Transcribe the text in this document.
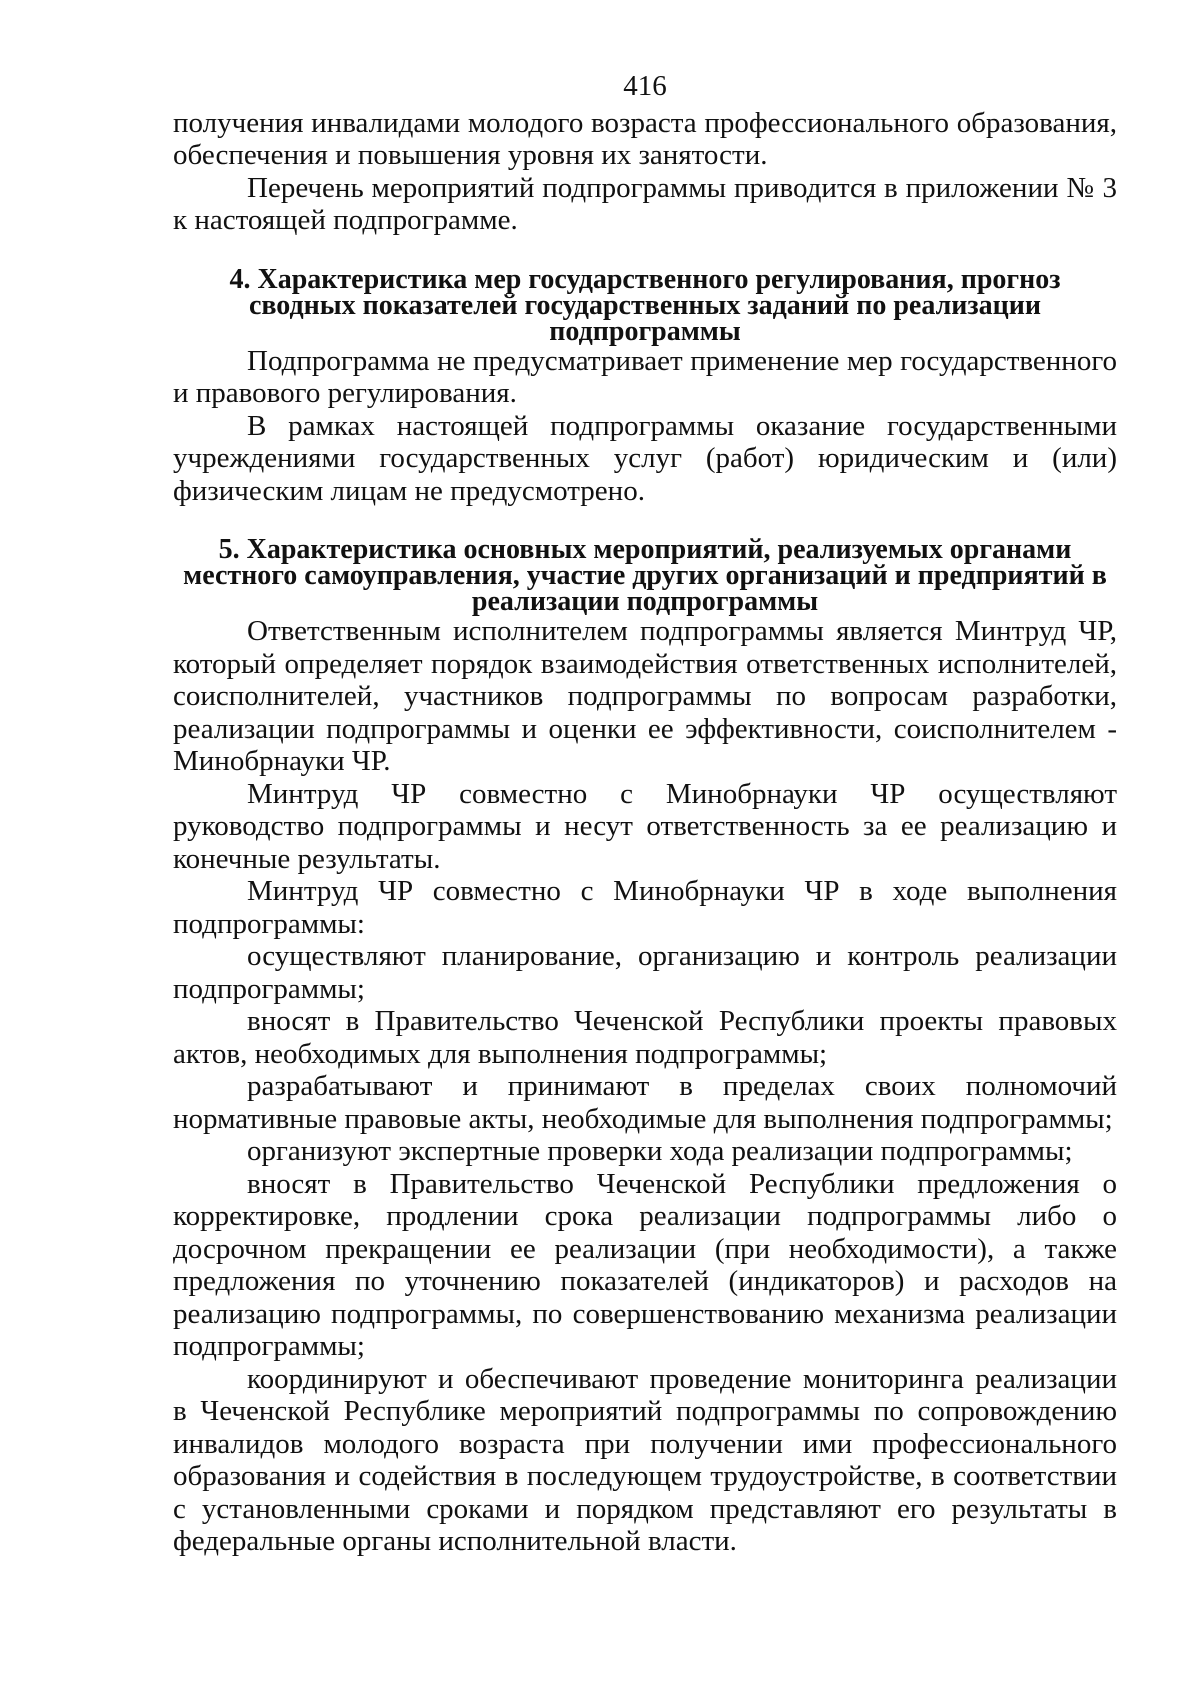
416

получения инвалидами молодого возраста профессионального образования, обеспечения и повышения уровня их занятости.

Перечень мероприятий подпрограммы приводится в приложении № 3 к настоящей подпрограмме.

4. Характеристика мер государственного регулирования, прогноз сводных показателей государственных заданий по реализации подпрограммы

Подпрограмма не предусматривает применение мер государственного и правового регулирования.

В рамках настоящей подпрограммы оказание государственными учреждениями государственных услуг (работ) юридическим и (или) физическим лицам не предусмотрено.

5. Характеристика основных мероприятий, реализуемых органами местного самоуправления, участие других организаций и предприятий в реализации подпрограммы

Ответственным исполнителем подпрограммы является Минтруд ЧР, который определяет порядок взаимодействия ответственных исполнителей, соисполнителей, участников подпрограммы по вопросам разработки, реализации подпрограммы и оценки ее эффективности, соисполнителем - Минобрнауки ЧР.

Минтруд ЧР совместно с Минобрнауки ЧР осуществляют руководство подпрограммы и несут ответственность за ее реализацию и конечные результаты.

Минтруд ЧР совместно с Минобрнауки ЧР в ходе выполнения подпрограммы:

осуществляют планирование, организацию и контроль реализации подпрограммы;

вносят в Правительство Чеченской Республики проекты правовых актов, необходимых для выполнения подпрограммы;

разрабатывают и принимают в пределах своих полномочий нормативные правовые акты, необходимые для выполнения подпрограммы;

организуют экспертные проверки хода реализации подпрограммы;

вносят в Правительство Чеченской Республики предложения о корректировке, продлении срока реализации подпрограммы либо о досрочном прекращении ее реализации (при необходимости), а также предложения по уточнению показателей (индикаторов) и расходов на реализацию подпрограммы, по совершенствованию механизма реализации подпрограммы;

координируют и обеспечивают проведение мониторинга реализации в Чеченской Республике мероприятий подпрограммы по сопровождению инвалидов молодого возраста при получении ими профессионального образования и содействия в последующем трудоустройстве, в соответствии с установленными сроками и порядком представляют его результаты в федеральные органы исполнительной власти.
